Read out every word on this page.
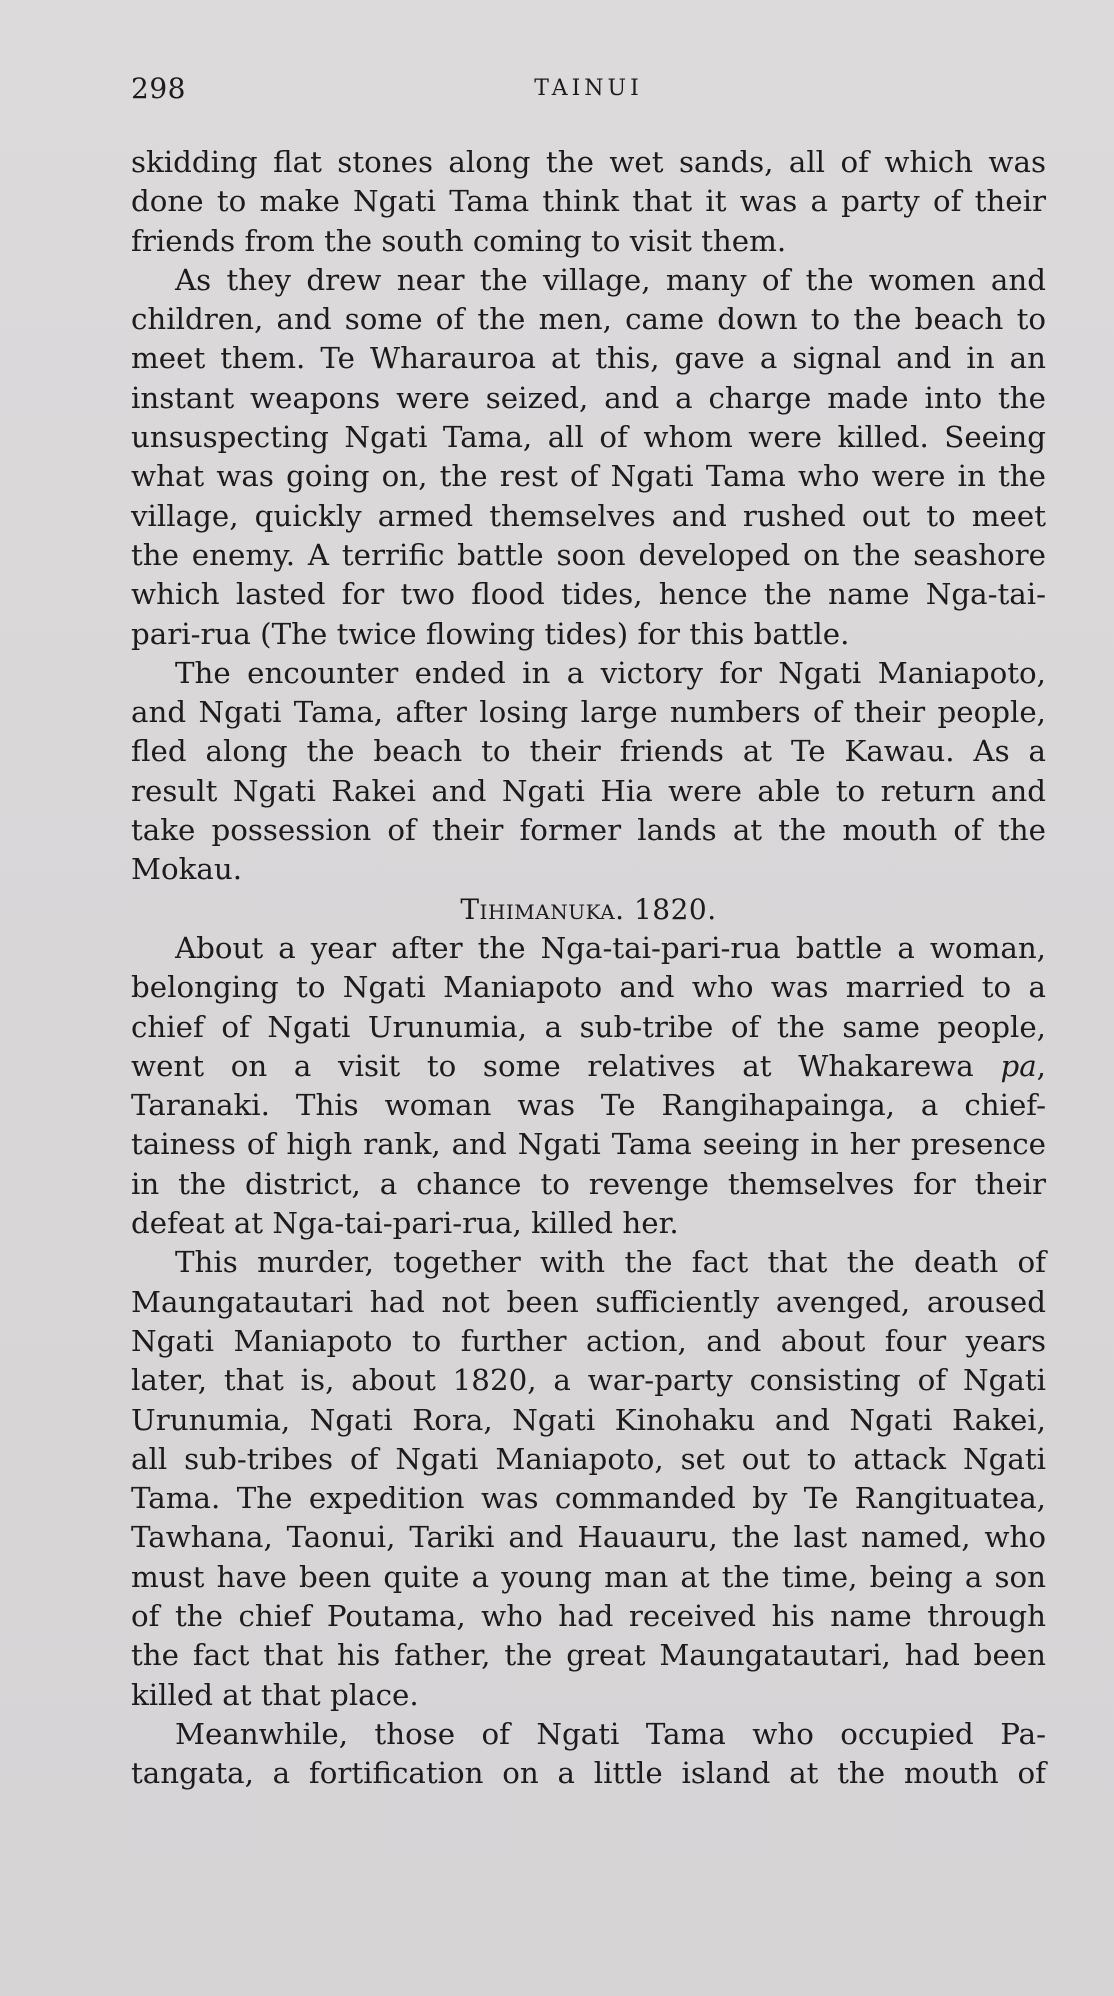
298	TAINUI

skidding flat stones along the wet sands, all of which was
done to make Ngati Tama think that it was a party of their
friends from the south coming to visit them.

As they drew near the village, many of the women and
children, and some of the men, came down to the beach to
meet them. Te Wharauroa at this, gave a signal and in an
instant weapons were seized, and a charge made into the
unsuspecting Ngati Tama, all of whom were killed. Seeing
what was going on, the rest of Ngati Tama who were in the
village, quickly armed themselves and rushed out to meet
the enemy. A terrific battle soon developed on the seashore
which lasted for two flood tides, hence the name Nga-tai-
pari-rua (The twice flowing tides) for this battle.

The encounter ended in a victory for Ngati Maniapoto,
and Ngati Tama, after losing large numbers of their people,
fled along the beach to their friends at Te Kawau. As a
result Ngati Rakei and Ngati Hia were able to return and
take possession of their former lands at the mouth of the
Mokau.

Tihimanuka. 1820.

About a year after the Nga-tai-pari-rua battle a woman,
belonging to Ngati Maniapoto and who was married to a
chief of Ngati Urunumia, a sub-tribe of the same people,
went on a visit to some relatives at Whakarewa pa,
Taranaki. This woman was Te Rangihapainga, a chief-
tainess of high rank, and Ngati Tama seeing in her presence
in the district, a chance to revenge themselves for their
defeat at Nga-tai-pari-rua, killed her.

This murder, together with the fact that the death of
Maungatautari had not been sufficiently avenged, aroused
Ngati Maniapoto to further action, and about four years
later, that is, about 1820, a war-party consisting of Ngati
Urunumia, Ngati Rora, Ngati Kinohaku and Ngati Rakei,
all sub-tribes of Ngati Maniapoto, set out to attack Ngati
Tama. The expedition was commanded by Te Rangituatea,
Tawhana, Taonui, Tariki and Hauauru, the last named, who
must have been quite a young man at the time, being a son
of the chief Poutama, who had received his name through
the fact that his father, the great Maungatautari, had been
killed at that place.

Meanwhile, those of Ngati Tama who occupied Pa-
tangata, a fortification on a little island at the mouth of
